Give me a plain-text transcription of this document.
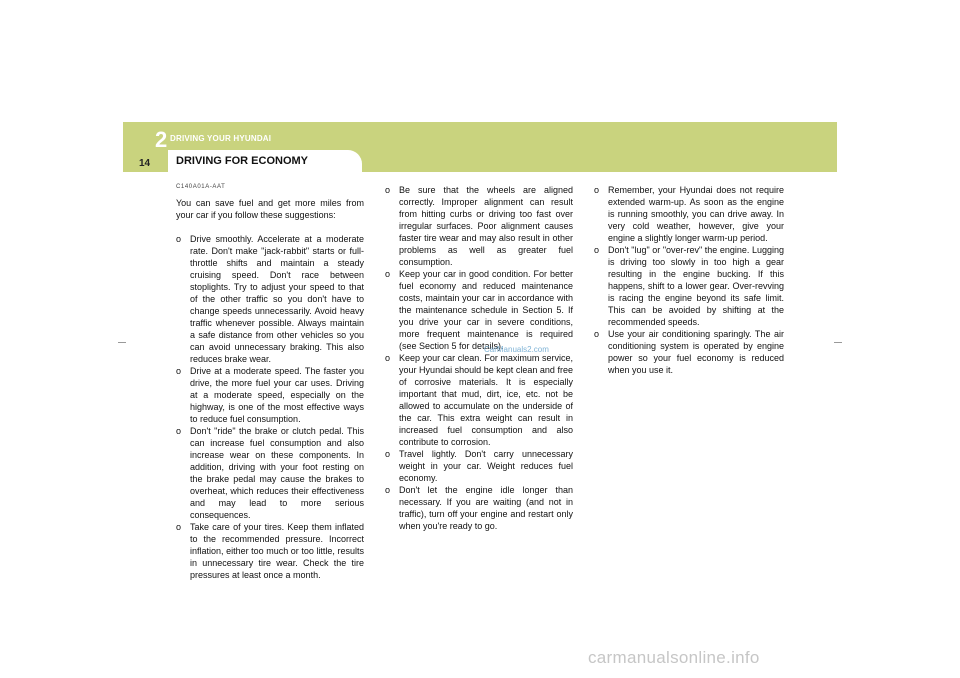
2 DRIVING YOUR HYUNDAI
14 DRIVING FOR ECONOMY
C140A01A-AAT

You can save fuel and get more miles from your car if you follow these suggestions:

o Drive smoothly. Accelerate at a moderate rate. Don't make "jack-rabbit" starts or full-throttle shifts and maintain a steady cruising speed. Don't race between stoplights. Try to adjust your speed to that of the other traffic so you don't have to change speeds unnecessarily. Avoid heavy traffic whenever possible. Always maintain a safe distance from other vehicles so you can avoid unnecessary braking. This also reduces brake wear.
o Drive at a moderate speed. The faster you drive, the more fuel your car uses. Driving at a moderate speed, especially on the highway, is one of the most effective ways to reduce fuel consumption.
o Don't "ride" the brake or clutch pedal. This can increase fuel consumption and also increase wear on these components. In addition, driving with your foot resting on the brake pedal may cause the brakes to overheat, which reduces their effectiveness and may lead to more serious consequences.
o Take care of your tires. Keep them inflated to the recommended pressure. Incorrect inflation, either too much or too little, results in unnecessary tire wear. Check the tire pressures at least once a month.
o Be sure that the wheels are aligned correctly. Improper alignment can result from hitting curbs or driving too fast over irregular surfaces. Poor alignment causes faster tire wear and may also result in other problems as well as greater fuel consumption.
o Keep your car in good condition. For better fuel economy and reduced maintenance costs, maintain your car in accordance with the maintenance schedule in Section 5. If you drive your car in severe conditions, more frequent maintenance is required (see Section 5 for details).
o Keep your car clean. For maximum service, your Hyundai should be kept clean and free of corrosive materials. It is especially important that mud, dirt, ice, etc. not be allowed to accumulate on the underside of the car. This extra weight can result in increased fuel consumption and also contribute to corrosion.
o Travel lightly. Don't carry unnecessary weight in your car. Weight reduces fuel economy.
o Don't let the engine idle longer than necessary. If you are waiting (and not in traffic), turn off your engine and restart only when you're ready to go.
o Remember, your Hyundai does not require extended warm-up. As soon as the engine is running smoothly, you can drive away. In very cold weather, however, give your engine a slightly longer warm-up period.
o Don't "lug" or "over-rev" the engine. Lugging is driving too slowly in too high a gear resulting in the engine bucking. If this happens, shift to a lower gear. Over-revving is racing the engine beyond its safe limit. This can be avoided by shifting at the recommended speeds.
o Use your air conditioning sparingly. The air conditioning system is operated by engine power so your fuel economy is reduced when you use it.
CarManuals2.com
carmanualsonline.info
